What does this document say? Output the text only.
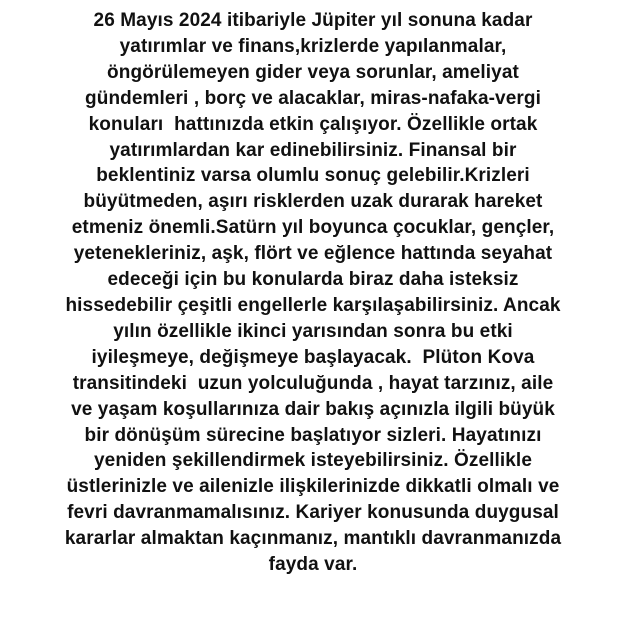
26 Mayıs 2024 itibariyle Jüpiter yıl sonuna kadar
yatırımlar ve finans,krizlerde yapılanmalar,
öngörülemeyen gider veya sorunlar, ameliyat
gündemleri , borç ve alacaklar, miras-nafaka-vergi
konuları  hattınızda etkin çalışıyor. Özellikle ortak
yatırımlardan kar edinebilirsiniz. Finansal bir
beklentiniz varsa olumlu sonuç gelebilir.Krizleri
büyütmeden, aşırı risklerden uzak durarak hareket
etmeniz önemli.Satürn yıl boyunca çocuklar, gençler,
yetenekleriniz, aşk, flört ve eğlence hattında seyahat
edeceği için bu konularda biraz daha isteksiz
hissedebilir çeşitli engellerle karşılaşabilirsiniz. Ancak
yılın özellikle ikinci yarısından sonra bu etki
iyileşmeye, değişmeye başlayacak.  Plüton Kova
transitindeki  uzun yolculuğunda , hayat tarzınız, aile
ve yaşam koşullarınıza dair bakış açınızla ilgili büyük
bir dönüşüm sürecine başlatıyor sizleri. Hayatınızı
yeniden şekillendirmek isteyebilirsiniz. Özellikle
üstlerinizle ve ailenizle ilişkilerinizde dikkatli olmalı ve
fevri davranmamalısınız. Kariyer konusunda duygusal
kararlar almaktan kaçınmanız, mantıklı davranmanızda
fayda var.
